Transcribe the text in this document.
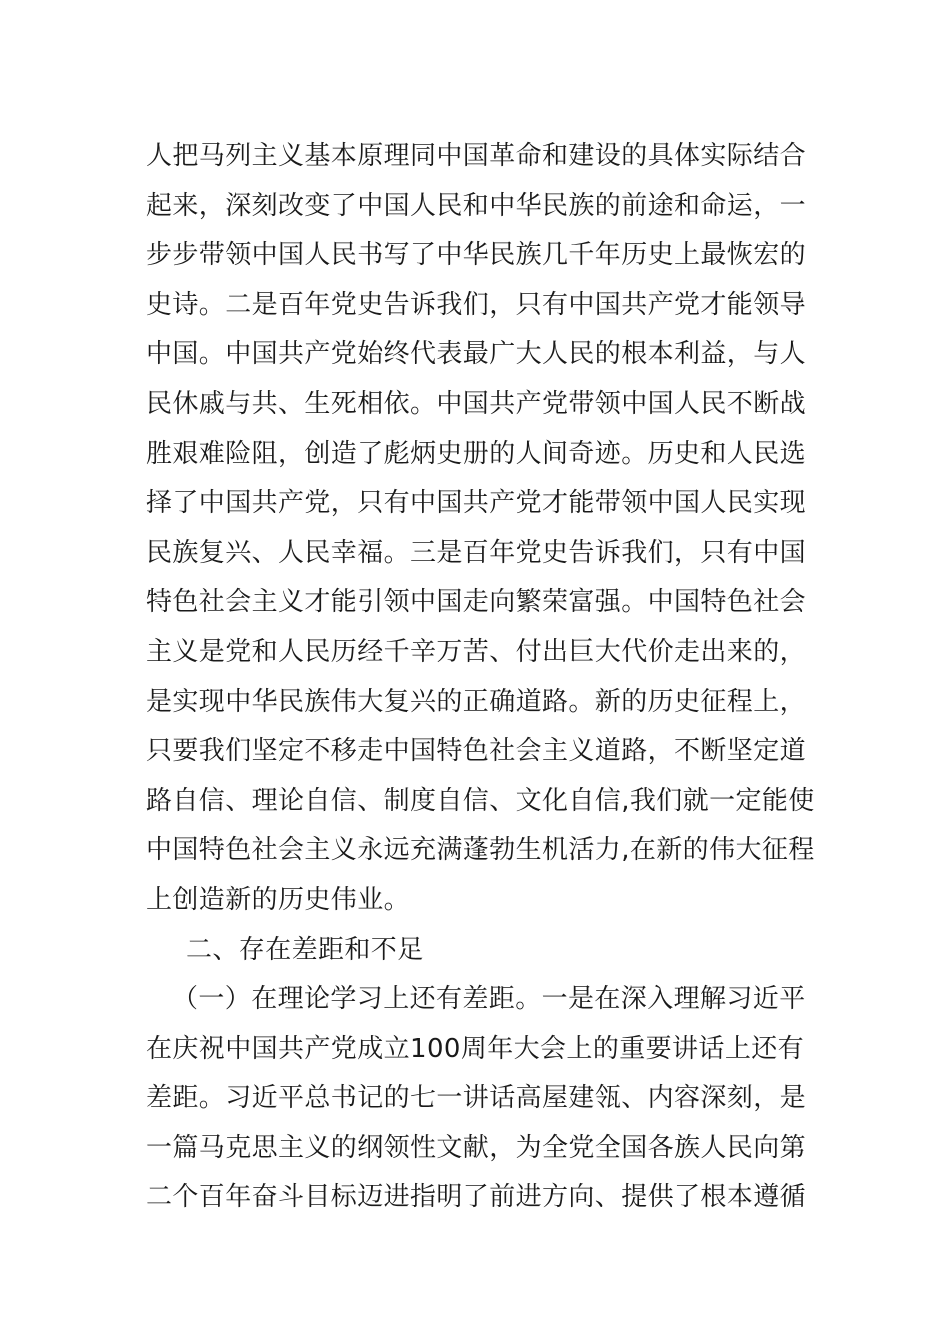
人把马列主义基本原理同中国革命和建设的具体实际结合
起来，深刻改变了中国人民和中华民族的前途和命运，一
步步带领中国人民书写了中华民族几千年历史上最恢宏的
史诗。二是百年党史告诉我们，只有中国共产党才能领导
中国。中国共产党始终代表最广大人民的根本利益，与人
民休戚与共、生死相依。中国共产党带领中国人民不断战
胜艰难险阻，创造了彪炳史册的人间奇迹。历史和人民选
择了中国共产党，只有中国共产党才能带领中国人民实现
民族复兴、人民幸福。三是百年党史告诉我们，只有中国
特色社会主义才能引领中国走向繁荣富强。中国特色社会
主义是党和人民历经千辛万苦、付出巨大代价走出来的，
是实现中华民族伟大复兴的正确道路。新的历史征程上，
只要我们坚定不移走中国特色社会主义道路，不断坚定道
路自信、理论自信、制度自信、文化自信,我们就一定能使
中国特色社会主义永远充满蓬勃生机活力,在新的伟大征程
上创造新的历史伟业。
二、存在差距和不足
（一）在理论学习上还有差距。一是在深入理解习近平
在庆祝中国共产党成立100周年大会上的重要讲话上还有
差距。习近平总书记的七一讲话高屋建瓴、内容深刻，是
一篇马克思主义的纲领性文献，为全党全国各族人民向第
二个百年奋斗目标迈进指明了前进方向、提供了根本遵循
